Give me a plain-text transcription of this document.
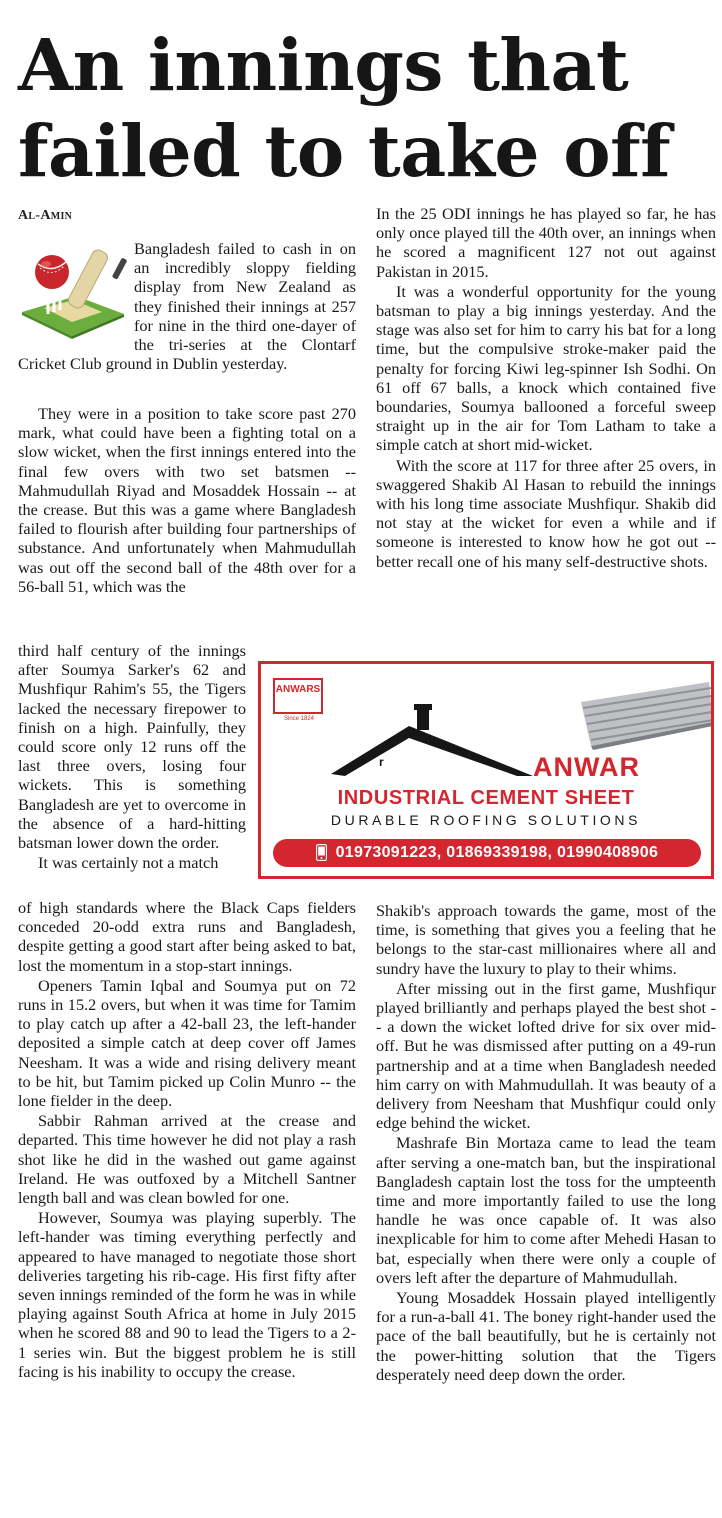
An innings that
failed to take off
Al-Amin
Bangladesh failed to cash in on an incredibly sloppy fielding display from New Zealand as they finished their innings at 257 for nine in the third one-dayer of the tri-series at the Clontarf Cricket Club ground in Dublin yesterday.

They were in a position to take score past 270 mark, what could have been a fighting total on a slow wicket, when the first innings entered into the final few overs with two set batsmen -- Mahmudullah Riyad and Mosaddek Hossain -- at the crease. But this was a game where Bangladesh failed to flourish after building four partnerships of substance. And unfortunately when Mahmudullah was out off the second ball of the 48th over for a 56-ball 51, which was the

third half century of the innings after Soumya Sarker's 62 and Mushfiqur Rahim's 55, the Tigers lacked the necessary firepower to finish on a high. Painfully, they could score only 12 runs off the last three overs, losing four wickets. This is something Bangladesh are yet to overcome in the absence of a hard-hitting batsman lower down the order.

It was certainly not a match

of high standards where the Black Caps fielders conceded 20-odd extra runs and Bangladesh, despite getting a good start after being asked to bat, lost the momentum in a stop-start innings.

Openers Tamin Iqbal and Soumya put on 72 runs in 15.2 overs, but when it was time for Tamim to play catch up after a 42-ball 23, the left-hander deposited a simple catch at deep cover off James Neesham. It was a wide and rising delivery meant to be hit, but Tamim picked up Colin Munro -- the lone fielder in the deep.

Sabbir Rahman arrived at the crease and departed. This time however he did not play a rash shot like he did in the washed out game against Ireland. He was outfoxed by a Mitchell Santner length ball and was clean bowled for one.

However, Soumya was playing superbly. The left-hander was timing everything perfectly and appeared to have managed to negotiate those short deliveries targeting his rib-cage. His first fifty after seven innings reminded of the form he was in while playing against South Africa at home in July 2015 when he scored 88 and 90 to lead the Tigers to a 2-1 series win. But the biggest problem he is still facing is his inability to occupy the crease.

In the 25 ODI innings he has played so far, he has only once played till the 40th over, an innings when he scored a magnificent 127 not out against Pakistan in 2015.

It was a wonderful opportunity for the young batsman to play a big innings yesterday. And the stage was also set for him to carry his bat for a long time, but the compulsive stroke-maker paid the penalty for forcing Kiwi leg-spinner Ish Sodhi. On 61 off 67 balls, a knock which contained five boundaries, Soumya ballooned a forceful sweep straight up in the air for Tom Latham to take a simple catch at short mid-wicket.

With the score at 117 for three after 25 overs, in swaggered Shakib Al Hasan to rebuild the innings with his long time associate Mushfiqur. Shakib did not stay at the wicket for even a while and if someone is interested to know how he got out -- better recall one of his many self-destructive shots.

r
ANWARS
Since 1824
ANWAR
INDUSTRIAL CEMENT SHEET
DURABLE ROOFING SOLUTIONS
01973091223, 01869339198, 01990408906

Shakib's approach towards the game, most of the time, is something that gives you a feeling that he belongs to the star-cast millionaires where all and sundry have the luxury to play to their whims.

After missing out in the first game, Mushfiqur played brilliantly and perhaps played the best shot -- a down the wicket lofted drive for six over mid-off. But he was dismissed after putting on a 49-run partnership and at a time when Bangladesh needed him carry on with Mahmudullah. It was beauty of a delivery from Neesham that Mushfiqur could only edge behind the wicket.

Mashrafe Bin Mortaza came to lead the team after serving a one-match ban, but the inspirational Bangladesh captain lost the toss for the umpteenth time and more importantly failed to use the long handle he was once capable of. It was also inexplicable for him to come after Mehedi Hasan to bat, especially when there were only a couple of overs left after the departure of Mahmudullah.

Young Mosaddek Hossain played intelligently for a run-a-ball 41. The boney right-hander used the pace of the ball beautifully, but he is certainly not the power-hitting solution that the Tigers desperately need deep down the order.
